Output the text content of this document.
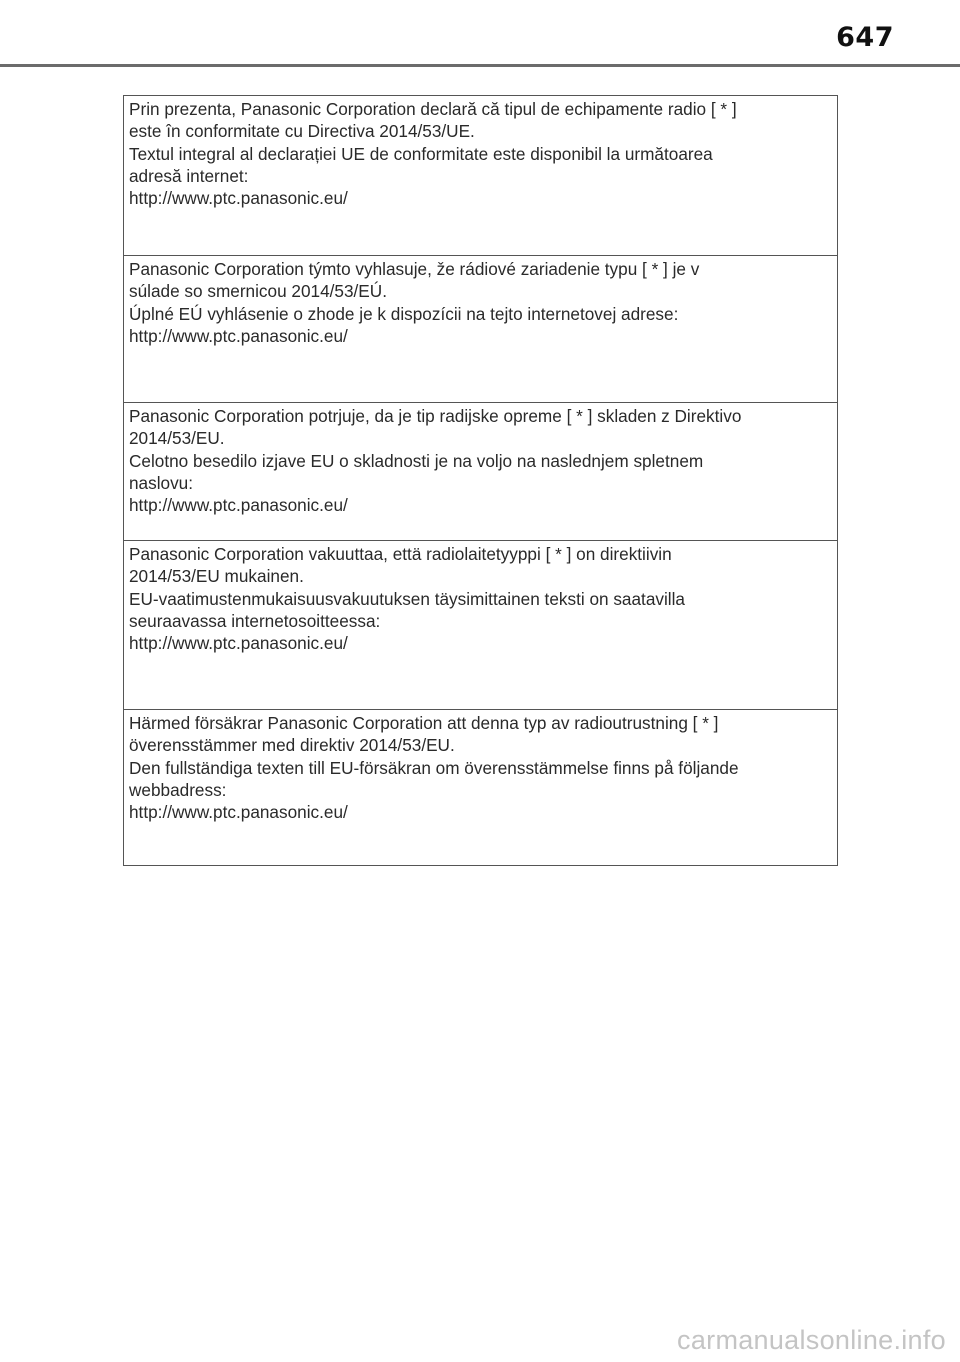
647

Prin prezenta, Panasonic Corporation declară că tipul de echipamente radio [ * ]

este în conformitate cu Directiva 2014/53/UE.

Textul integral al declarației UE de conformitate este disponibil la următoarea

adresă internet:

http://www.ptc.panasonic.eu/

Panasonic Corporation týmto vyhlasuje, že rádiové zariadenie typu [ * ] je v

súlade so smernicou 2014/53/EÚ.

Úplné EÚ vyhlásenie o zhode je k dispozícii na tejto internetovej adrese:

http://www.ptc.panasonic.eu/

Panasonic Corporation potrjuje, da je tip radijske opreme [ * ] skladen z Direktivo

2014/53/EU.

Celotno besedilo izjave EU o skladnosti je na voljo na naslednjem spletnem

naslovu:

http://www.ptc.panasonic.eu/

Panasonic Corporation vakuuttaa, että radiolaitetyyppi [ * ] on direktiivin

2014/53/EU mukainen.

EU-vaatimustenmukaisuusvakuutuksen täysimittainen teksti on saatavilla

seuraavassa internetosoitteessa:

http://www.ptc.panasonic.eu/

Härmed försäkrar Panasonic Corporation att denna typ av radioutrustning [ * ]

överensstämmer med direktiv 2014/53/EU.

Den fullständiga texten till EU-försäkran om överensstämmelse finns på följande

webbadress:

http://www.ptc.panasonic.eu/

carmanualsonline.info
